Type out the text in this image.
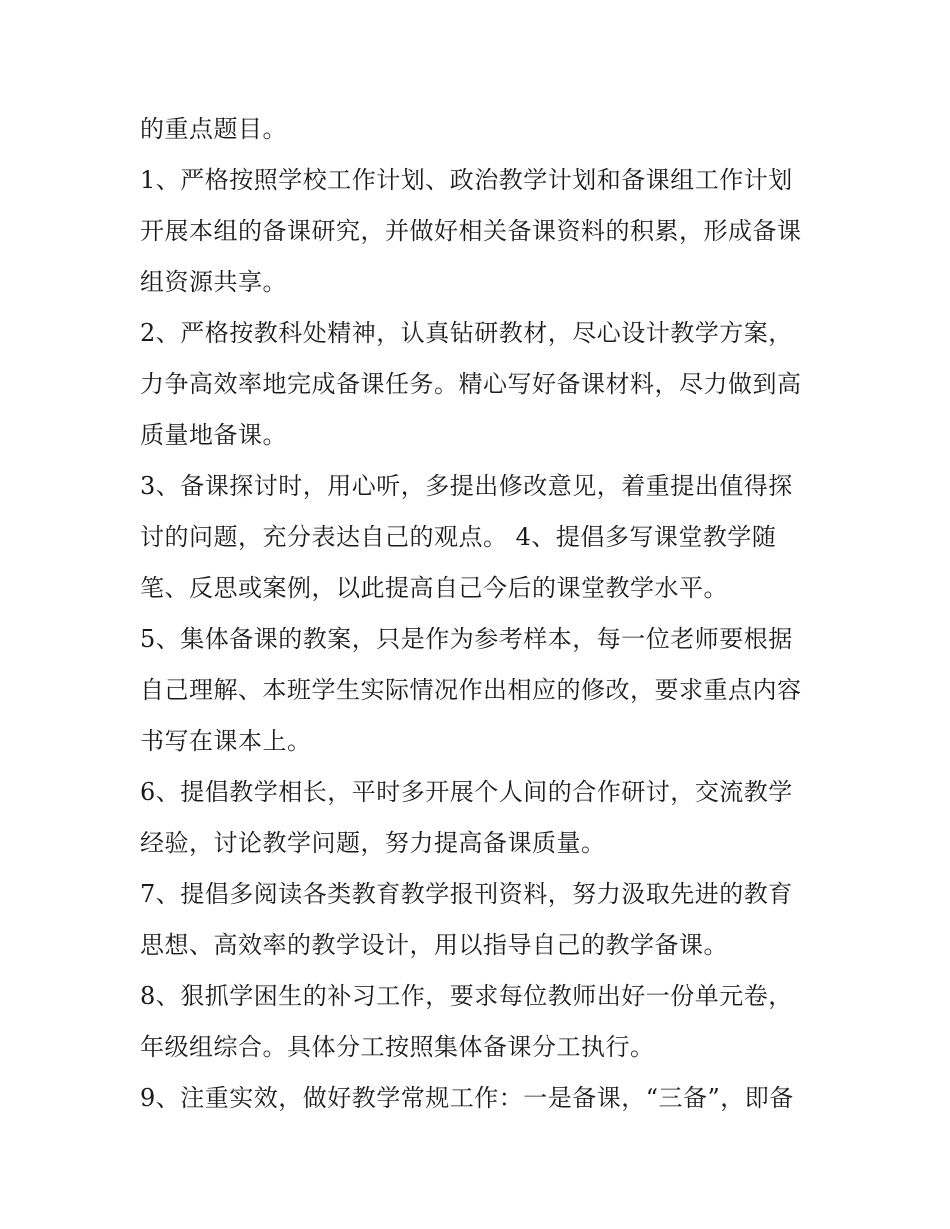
的重点题目。
1、严格按照学校工作计划、政治教学计划和备课组工作计划
开展本组的备课研究，并做好相关备课资料的积累，形成备课
组资源共享。
2、严格按教科处精神，认真钻研教材，尽心设计教学方案，
力争高效率地完成备课任务。精心写好备课材料，尽力做到高
质量地备课。
3、备课探讨时，用心听，多提出修改意见，着重提出值得探
讨的问题，充分表达自己的观点。 4、提倡多写课堂教学随
笔、反思或案例，以此提高自己今后的课堂教学水平。
5、集体备课的教案，只是作为参考样本，每一位老师要根据
自己理解、本班学生实际情况作出相应的修改，要求重点内容
书写在课本上。
6、提倡教学相长，平时多开展个人间的合作研讨，交流教学
经验，讨论教学问题，努力提高备课质量。
7、提倡多阅读各类教育教学报刊资料，努力汲取先进的教育
思想、高效率的教学设计，用以指导自己的教学备课。
8、狠抓学困生的补习工作，要求每位教师出好一份单元卷，
年级组综合。具体分工按照集体备课分工执行。
9、注重实效，做好教学常规工作：一是备课，“三备”，即备
